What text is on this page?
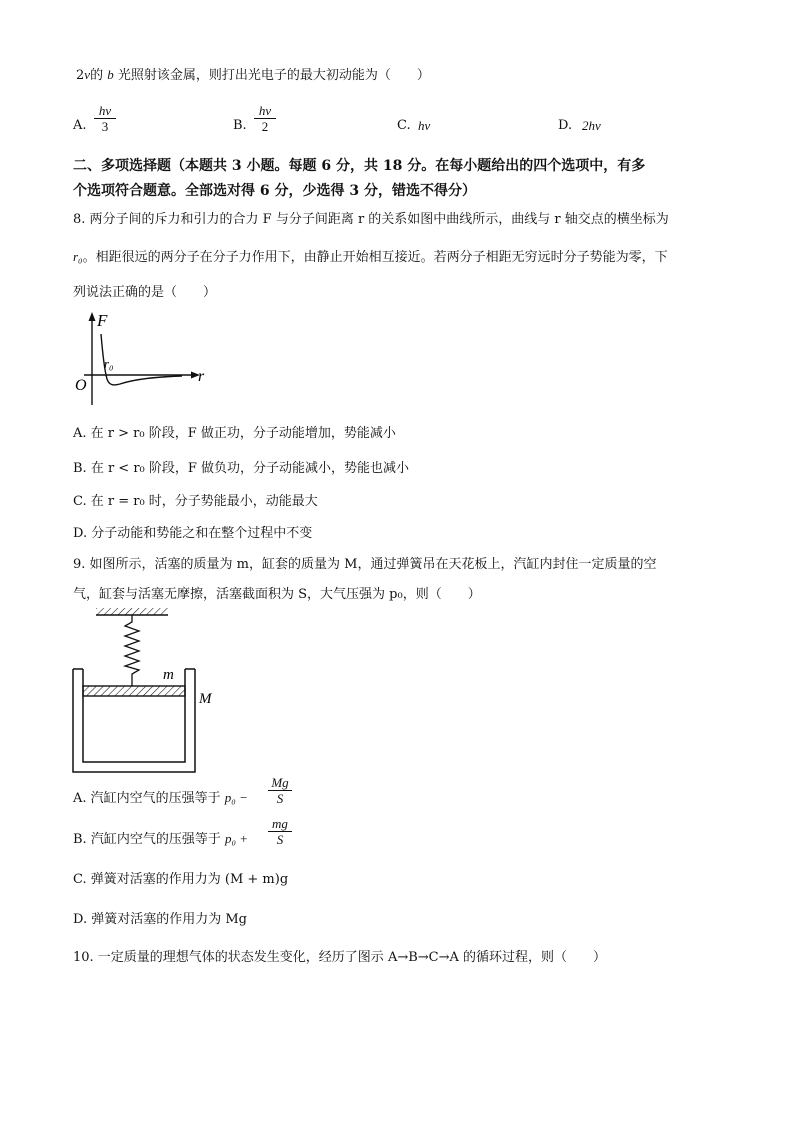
2ν的 b 光照射该金属，则打出光电子的最大初动能为（　　）
A. $\frac{h\nu}{3}$	B. $\frac{h\nu}{2}$	C. hν	D. 2hν
二、多项选择题（本题共 3 小题。每题 6 分，共 18 分。在每小题给出的四个选项中，有多
个选项符合题意。全部选对得 6 分，少选得 3 分，错选不得分）
8. 两分子间的斥力和引力的合力 F 与分子间距离 r 的关系如图中曲线所示，曲线与 r 轴交点的横坐标为
r₀。相距很远的两分子在分子力作用下，由静止开始相互接近。若两分子相距无穷远时分子势能为零，下
列说法正确的是（　　）
F
r
O
r₀
A. 在 r > r₀ 阶段，F 做正功，分子动能增加，势能减小
B. 在 r < r₀ 阶段，F 做负功，分子动能减小，势能也减小
C. 在 r = r₀ 时，分子势能最小，动能最大
D. 分子动能和势能之和在整个过程中不变
9. 如图所示，活塞的质量为 m，缸套的质量为 M，通过弹簧吊在天花板上，汽缸内封住一定质量的空
气，缸套与活塞无摩擦，活塞截面积为 S，大气压强为 p₀，则（　　）
m
M
A. 汽缸内空气的压强等于 $p_0 - \frac{Mg}{S}$
B. 汽缸内空气的压强等于 $p_0 + \frac{mg}{S}$
C. 弹簧对活塞的作用力为 (M + m)g
D. 弹簧对活塞的作用力为 Mg
10. 一定质量的理想气体的状态发生变化，经历了图示 A→B→C→A 的循环过程，则（　　）
